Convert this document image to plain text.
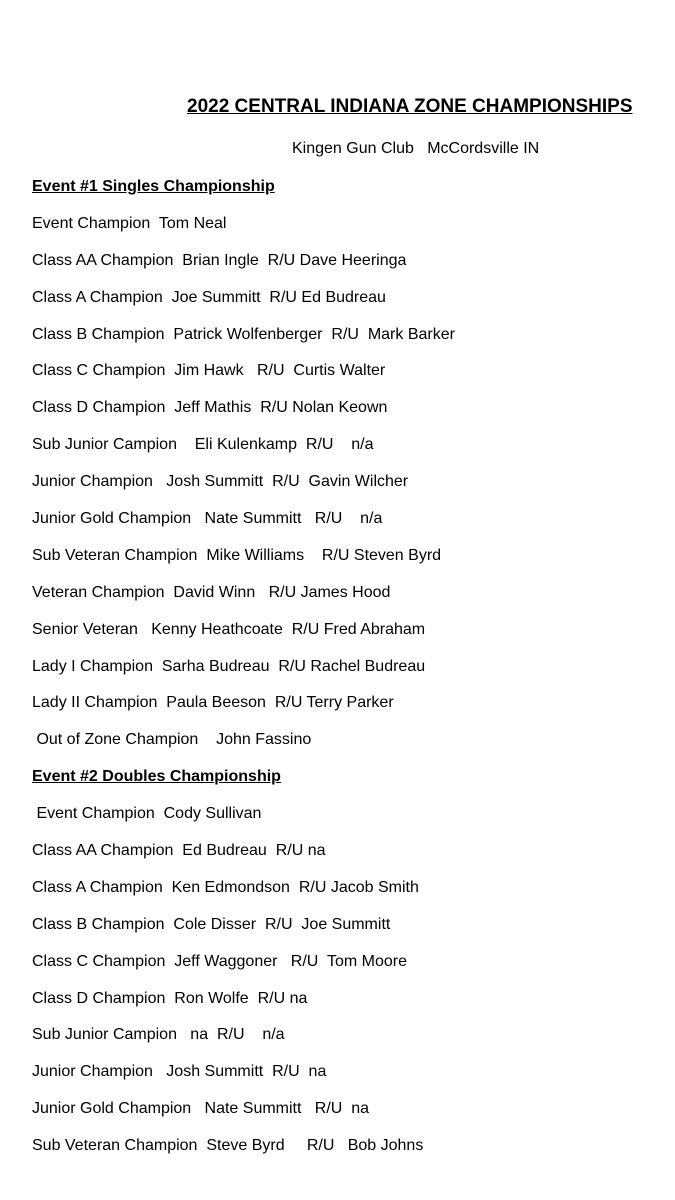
2022 CENTRAL INDIANA ZONE CHAMPIONSHIPS
Kingen Gun Club   McCordsville IN
Event #1 Singles Championship
Event Champion  Tom Neal
Class AA Champion  Brian Ingle  R/U Dave Heeringa
Class A Champion  Joe Summitt  R/U Ed Budreau
Class B Champion  Patrick Wolfenberger  R/U  Mark Barker
Class C Champion  Jim Hawk   R/U  Curtis Walter
Class D Champion  Jeff Mathis  R/U Nolan Keown
Sub Junior Campion    Eli Kulenkamp  R/U    n/a
Junior Champion   Josh Summitt  R/U  Gavin Wilcher
Junior Gold Champion   Nate Summitt   R/U    n/a
Sub Veteran Champion  Mike Williams    R/U Steven Byrd
Veteran Champion  David Winn   R/U James Hood
Senior Veteran   Kenny Heathcoate  R/U Fred Abraham
Lady I Champion  Sarha Budreau  R/U Rachel Budreau
Lady II Champion  Paula Beeson  R/U Terry Parker
Out of Zone Champion    John Fassino
Event #2 Doubles Championship
Event Champion  Cody Sullivan
Class AA Champion  Ed Budreau  R/U na
Class A Champion  Ken Edmondson  R/U Jacob Smith
Class B Champion  Cole Disser  R/U  Joe Summitt
Class C Champion  Jeff Waggoner   R/U  Tom Moore
Class D Champion  Ron Wolfe  R/U na
Sub Junior Campion   na  R/U    n/a
Junior Champion   Josh Summitt  R/U  na
Junior Gold Champion   Nate Summitt   R/U  na
Sub Veteran Champion  Steve Byrd     R/U   Bob Johns
